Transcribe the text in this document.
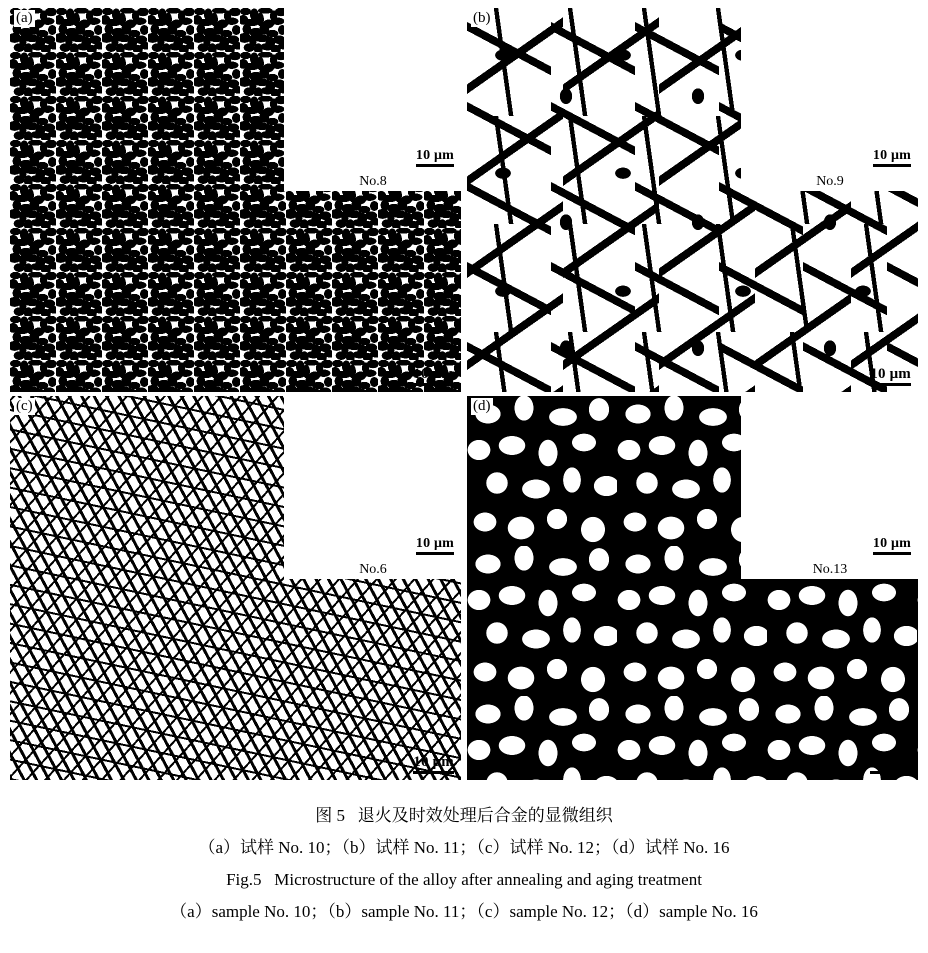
(a)
10 μm
No.8
10 μm
(b)
10 μm
No.9
10 μm
(c)
10 μm
No.6
10 μm
(d)
10 μm
No.13
10 μm
图 5   退火及时效处理后合金的显微组织
（a）试样 No. 10；（b）试样 No. 11；（c）试样 No. 12；（d）试样 No. 16
Fig.5   Microstructure of the alloy after annealing and aging treatment
（a）sample No. 10；（b）sample No. 11；（c）sample No. 12；（d）sample No. 16
